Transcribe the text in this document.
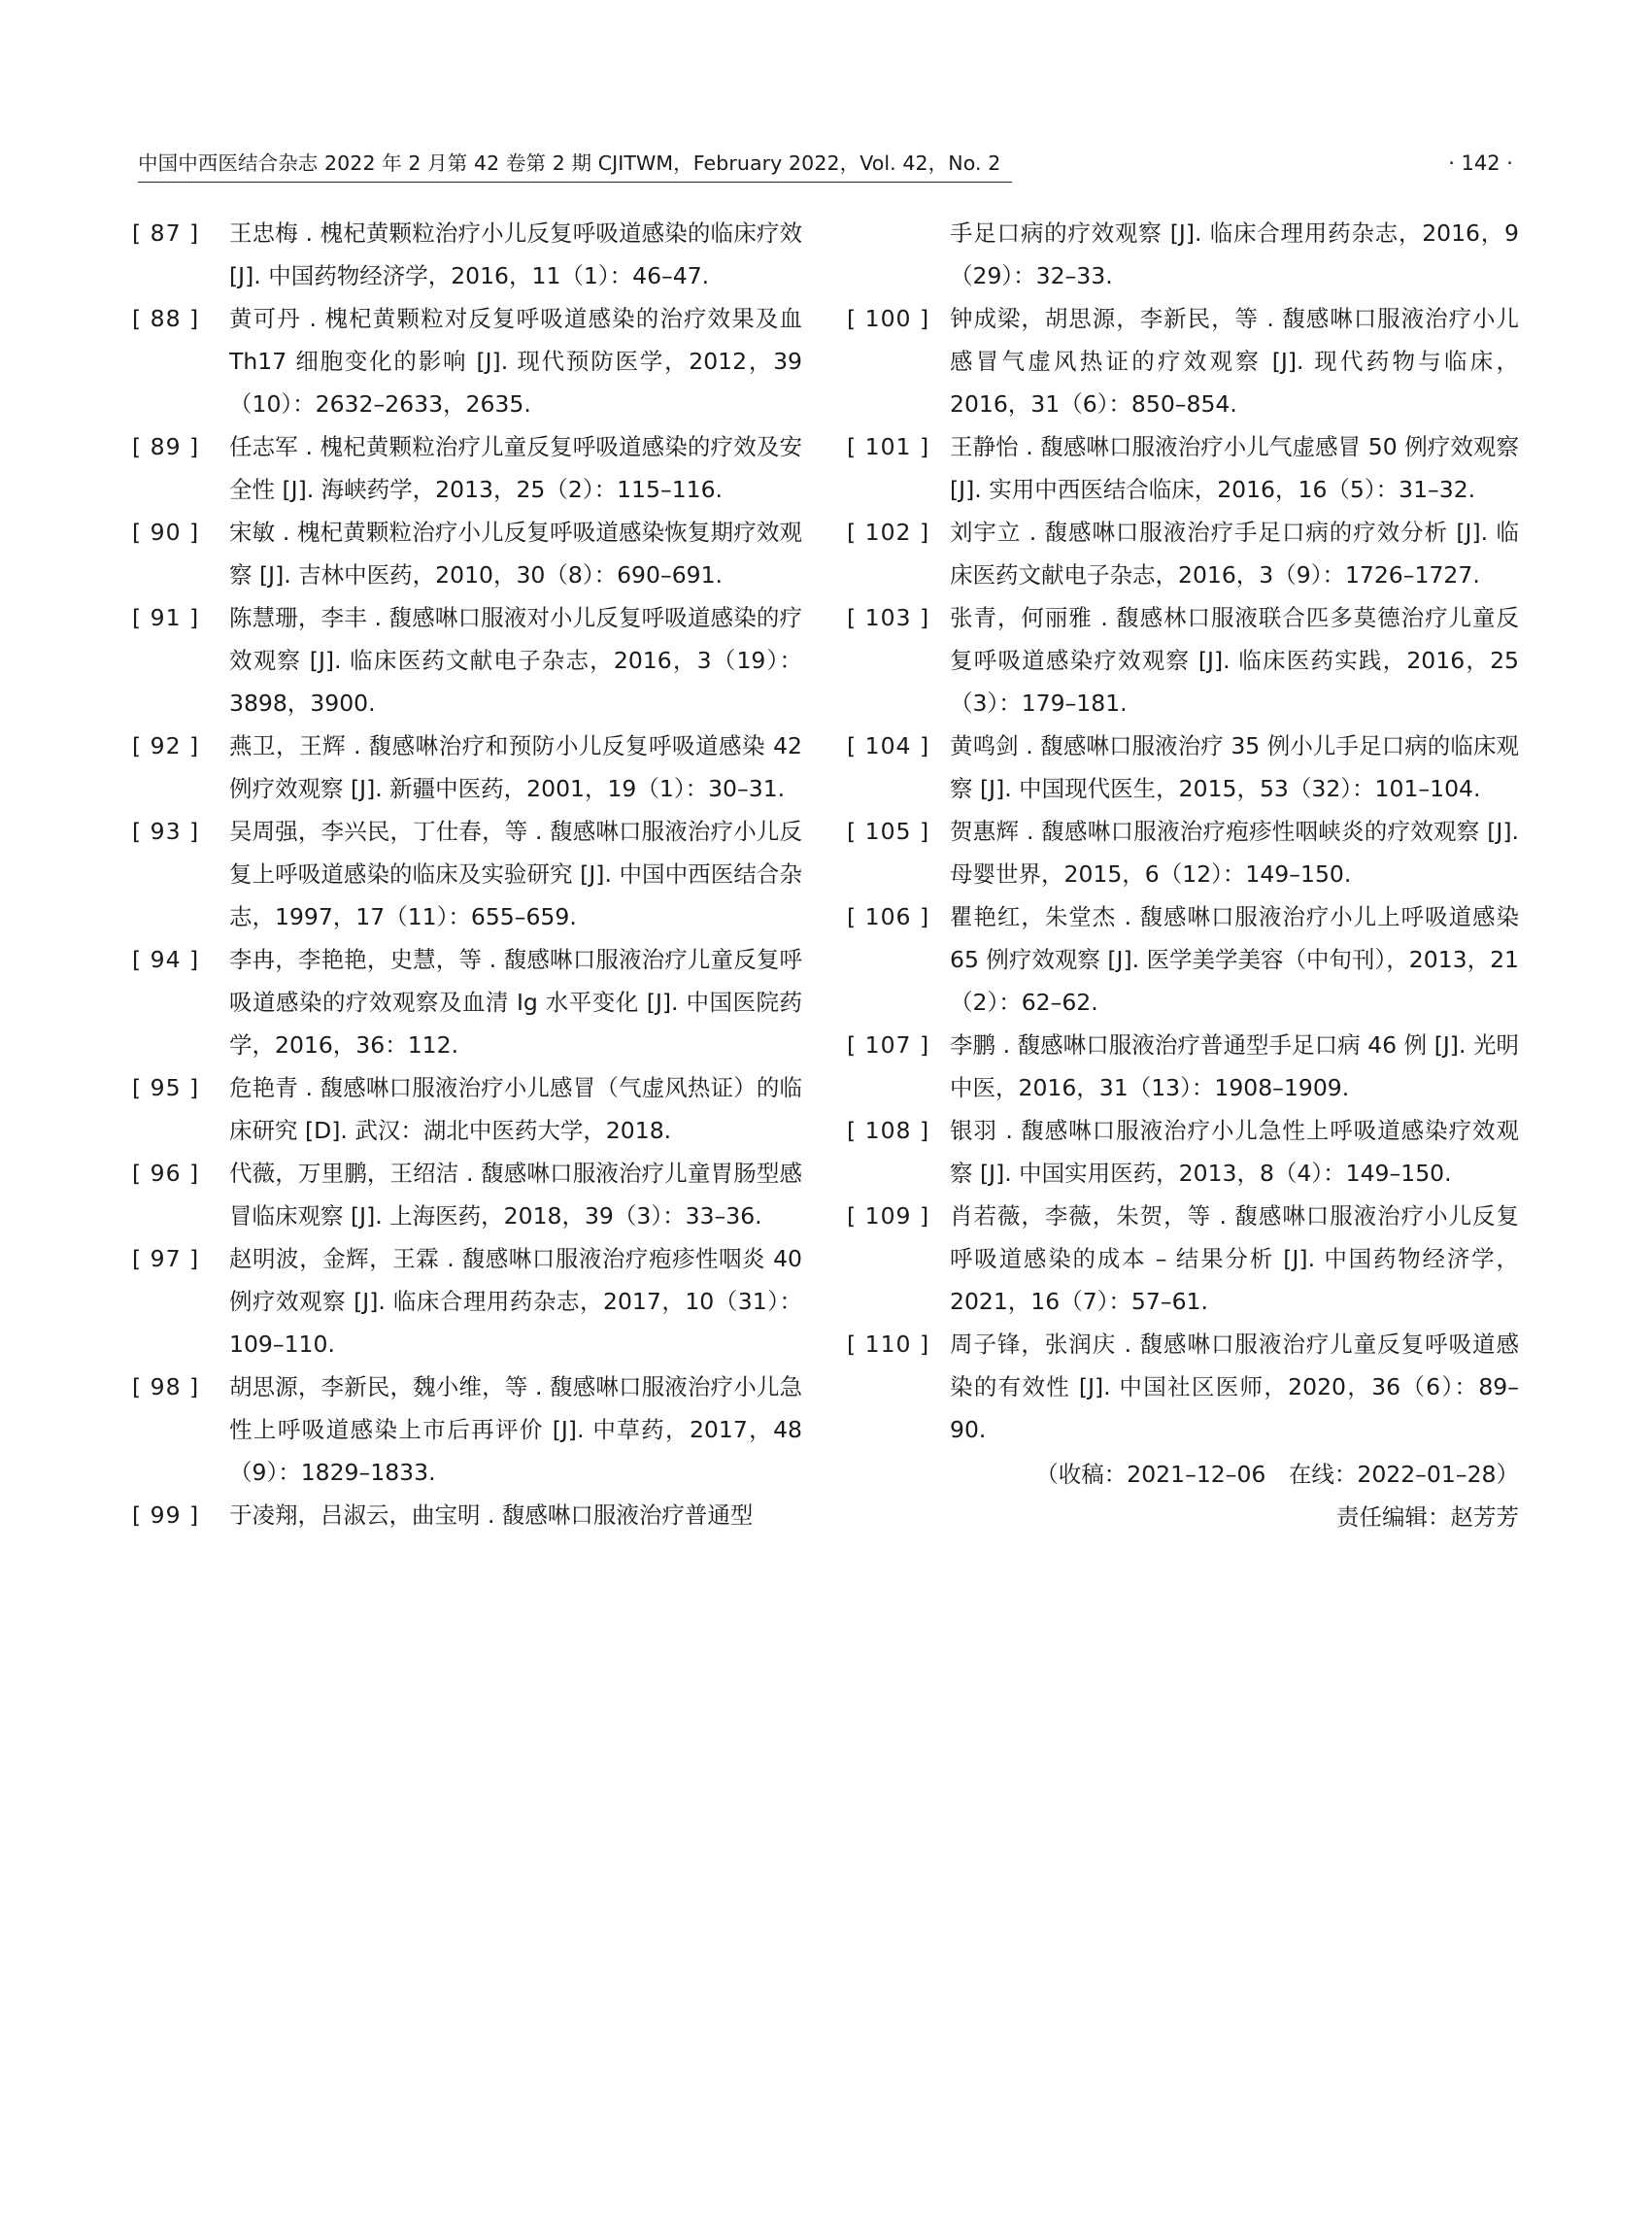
中国中西医结合杂志 2022 年 2 月第 42 卷第 2 期 CJITWM，February 2022，Vol. 42，No. 2	· 142 ·
[ 87 ]	王忠梅 . 槐杞黄颗粒治疗小儿反复呼吸道感染的临床疗效 [J]. 中国药物经济学，2016，11（1）：46–47.
[ 88 ]	黄可丹 . 槐杞黄颗粒对反复呼吸道感染的治疗效果及血 Th17 细胞变化的影响 [J]. 现代预防医学，2012，39（10）：2632–2633，2635.
[ 89 ]	任志军 . 槐杞黄颗粒治疗儿童反复呼吸道感染的疗效及安全性 [J]. 海峡药学，2013，25（2）：115–116.
[ 90 ]	宋敏 . 槐杞黄颗粒治疗小儿反复呼吸道感染恢复期疗效观察 [J]. 吉林中医药，2010，30（8）：690–691.
[ 91 ]	陈慧珊，李丰 . 馥感啉口服液对小儿反复呼吸道感染的疗效观察 [J]. 临床医药文献电子杂志，2016，3（19）：3898，3900.
[ 92 ]	燕卫，王辉 . 馥感啉治疗和预防小儿反复呼吸道感染 42 例疗效观察 [J]. 新疆中医药，2001，19（1）：30–31.
[ 93 ]	吴周强，李兴民，丁仕春，等 . 馥感啉口服液治疗小儿反复上呼吸道感染的临床及实验研究 [J]. 中国中西医结合杂志，1997，17（11）：655–659.
[ 94 ]	李冉，李艳艳，史慧，等 . 馥感啉口服液治疗儿童反复呼吸道感染的疗效观察及血清 Ig 水平变化 [J]. 中国医院药学，2016，36：112.
[ 95 ]	危艳青 . 馥感啉口服液治疗小儿感冒（气虚风热证）的临床研究 [D]. 武汉：湖北中医药大学，2018.
[ 96 ]	代薇，万里鹏，王绍洁 . 馥感啉口服液治疗儿童胃肠型感冒临床观察 [J]. 上海医药，2018，39（3）：33–36.
[ 97 ]	赵明波，金辉，王霖 . 馥感啉口服液治疗疱疹性咽炎 40 例疗效观察 [J]. 临床合理用药杂志，2017，10（31）：109–110.
[ 98 ]	胡思源，李新民，魏小维，等 . 馥感啉口服液治疗小儿急性上呼吸道感染上市后再评价 [J]. 中草药，2017，48（9）：1829–1833.
[ 99 ]	于凌翔，吕淑云，曲宝明 . 馥感啉口服液治疗普通型
手足口病的疗效观察 [J]. 临床合理用药杂志，2016，9（29）：32–33.
[ 100 ] 钟成梁，胡思源，李新民，等 . 馥感啉口服液治疗小儿感冒气虚风热证的疗效观察 [J]. 现代药物与临床，2016，31（6）：850–854.
[ 101 ] 王静怡 . 馥感啉口服液治疗小儿气虚感冒 50 例疗效观察 [J]. 实用中西医结合临床，2016，16（5）：31–32.
[ 102 ] 刘宇立 . 馥感啉口服液治疗手足口病的疗效分析 [J]. 临床医药文献电子杂志，2016，3（9）：1726–1727.
[ 103 ] 张青，何丽雅 . 馥感林口服液联合匹多莫德治疗儿童反复呼吸道感染疗效观察 [J]. 临床医药实践，2016，25（3）：179–181.
[ 104 ] 黄鸣剑 . 馥感啉口服液治疗 35 例小儿手足口病的临床观察 [J]. 中国现代医生，2015，53（32）：101–104.
[ 105 ] 贺惠辉 . 馥感啉口服液治疗疱疹性咽峡炎的疗效观察 [J]. 母婴世界，2015，6（12）：149–150.
[ 106 ] 瞿艳红，朱堂杰 . 馥感啉口服液治疗小儿上呼吸道感染 65 例疗效观察 [J]. 医学美学美容（中旬刊），2013，21（2）：62–62.
[ 107 ] 李鹏 . 馥感啉口服液治疗普通型手足口病 46 例 [J]. 光明中医，2016，31（13）：1908–1909.
[ 108 ] 银羽 . 馥感啉口服液治疗小儿急性上呼吸道感染疗效观察 [J]. 中国实用医药，2013，8（4）：149–150.
[ 109 ] 肖若薇，李薇，朱贺，等 . 馥感啉口服液治疗小儿反复呼吸道感染的成本 – 结果分析 [J]. 中国药物经济学，2021，16（7）：57–61.
[ 110 ] 周子锋，张润庆 . 馥感啉口服液治疗儿童反复呼吸道感染的有效性 [J]. 中国社区医师，2020，36（6）：89–90.
（收稿：2021–12–06　在线：2022–01–28）
责任编辑：赵芳芳
